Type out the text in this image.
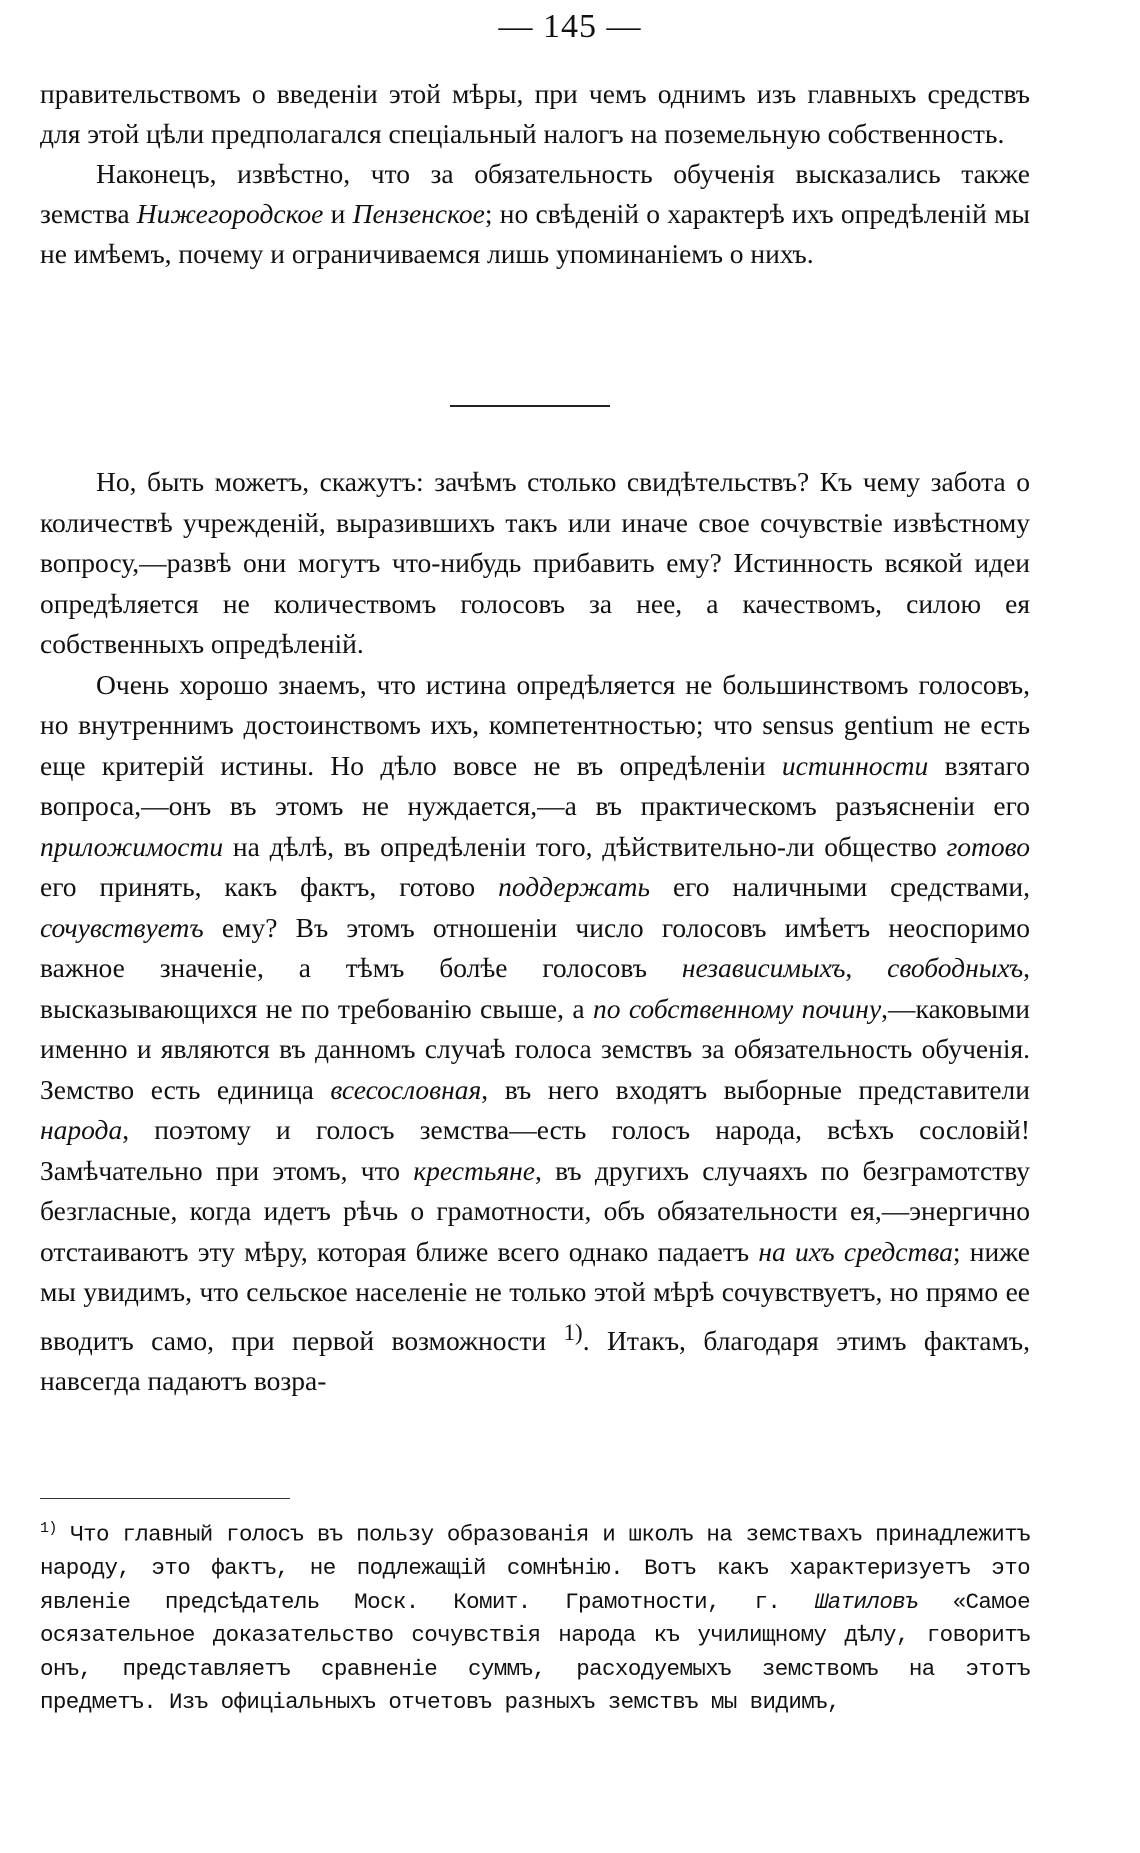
— 145 —

правительствомъ о введеніи этой мѣры, при чемъ однимъ изъ главныхъ средствъ для этой цѣли предполагался спеціальный налогъ на поземельную собственность.

Наконецъ, извѣстно, что за обязательность обученія высказались также земства Нижегородское и Пензенское; но свѣденій о характерѣ ихъ опредѣленій мы не имѣемъ, почему и ограничиваемся лишь упоминаніемъ о нихъ.

Но, быть можетъ, скажутъ: зачѣмъ столько свидѣтельствъ? Къ чему забота о количествѣ учрежденій, выразившихъ такъ или иначе свое сочувствіе извѣстному вопросу,—развѣ они могутъ что-нибудь прибавить ему? Истинность всякой идеи опредѣляется не количествомъ голосовъ за нее, а качествомъ, силою ея собственныхъ опредѣленій.

Очень хорошо знаемъ, что истина опредѣляется не большинствомъ голосовъ, но внутреннимъ достоинствомъ ихъ, компетентностью; что sensus gentium не есть еще критерій истины. Но дѣло вовсе не въ опредѣленіи истинности взятаго вопроса,—онъ въ этомъ не нуждается,—а въ практическомъ разъясненіи его приложимости на дѣлѣ, въ опредѣленіи того, дѣйствительно-ли общество готово его принять, какъ фактъ, готово поддержать его наличными средствами, сочувствуетъ ему? Въ этомъ отношеніи число голосовъ имѣетъ неоспоримо важное значеніе, а тѣмъ болѣе голосовъ независимыхъ, свободныхъ, высказывающихся не по требованію свыше, а по собственному почину,—каковыми именно и являются въ данномъ случаѣ голоса земствъ за обязательность обученія. Земство есть единица всесословная, въ него входятъ выборные представители народа, поэтому и голосъ земства—есть голосъ народа, всѣхъ сословій! Замѣчательно при этомъ, что крестьяне, въ другихъ случаяхъ по безграмотству безгласные, когда идетъ рѣчь о грамотности, объ обязательности ея,—энергично отстаиваютъ эту мѣру, которая ближе всего однако падаетъ на ихъ средства; ниже мы увидимъ, что сельское населеніе не только этой мѣрѣ сочувствуетъ, но прямо ее вводитъ само, при первой возможности $^{1)}$. Итакъ, благодаря этимъ фактамъ, навсегда падаютъ возра-

$^{1)}$ Что главный голосъ въ пользу образованія и школъ на земствахъ принадлежитъ народу, это фактъ, не подлежащій сомнѣнію. Вотъ какъ характеризуетъ это явленіе предсѣдатель Моск. Комит. Грамотности, г. Шатиловъ «Самое осязательное доказательство сочувствія народа къ училищному дѣлу, говоритъ онъ, представляетъ сравненіе суммъ, расходуемыхъ земствомъ на этотъ предметъ. Изъ офиціальныхъ отчетовъ разныхъ земствъ мы видимъ,
